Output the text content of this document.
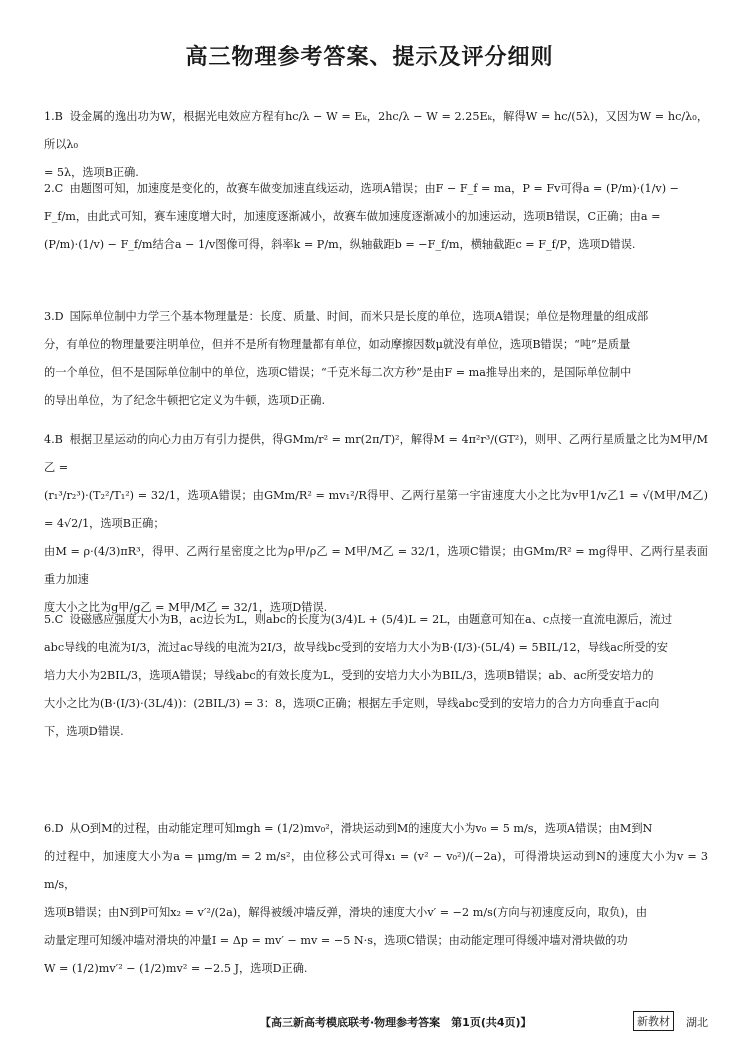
高三物理参考答案、提示及评分细则

1.B 设金属的逸出功为W，根据光电效应方程有hc/λ − W = Eₖ，2hc/λ − W = 2.25Eₖ，解得W = hc/(5λ)，又因为W = hc/λ₀，所以λ₀

= 5λ，选项B正确.

2.C 由题图可知，加速度是变化的，故赛车做变加速直线运动，选项A错误；由F − F_f = ma，P = Fv可得a = (P/m)·(1/v) −

F_f/m，由此式可知，赛车速度增大时，加速度逐渐减小，故赛车做加速度逐渐减小的加速运动，选项B错误，C正确；由a =

(P/m)·(1/v) − F_f/m结合a − 1/v图像可得，斜率k = P/m，纵轴截距b = −F_f/m，横轴截距c = F_f/P，选项D错误.

3.D 国际单位制中力学三个基本物理量是：长度、质量、时间，而米只是长度的单位，选项A错误；单位是物理量的组成部

分，有单位的物理量要注明单位，但并不是所有物理量都有单位，如动摩擦因数μ就没有单位，选项B错误；“吨”是质量

的一个单位，但不是国际单位制中的单位，选项C错误；“千克米每二次方秒”是由F = ma推导出来的，是国际单位制中

的导出单位，为了纪念牛顿把它定义为牛顿，选项D正确.

4.B 根据卫星运动的向心力由万有引力提供，得GMm/r² = mr(2π/T)²，解得M = 4π²r³/(GT²)，则甲、乙两行星质量之比为M甲/M乙 =

(r₁³/r₂³)·(T₂²/T₁²) = 32/1，选项A错误；由GMm/R² = mv₁²/R得甲、乙两行星第一宇宙速度大小之比为v甲1/v乙1 = √(M甲/M乙) = 4√2/1，选项B正确；

由M = ρ·(4/3)πR³，得甲、乙两行星密度之比为ρ甲/ρ乙 = M甲/M乙 = 32/1，选项C错误；由GMm/R² = mg得甲、乙两行星表面重力加速

度大小之比为g甲/g乙 = M甲/M乙 = 32/1，选项D错误.

5.C 设磁感应强度大小为B，ac边长为L，则abc的长度为(3/4)L + (5/4)L = 2L，由题意可知在a、c点接一直流电源后，流过

abc导线的电流为I/3，流过ac导线的电流为2I/3，故导线bc受到的安培力大小为B·(I/3)·(5L/4) = 5BIL/12，导线ac所受的安

培力大小为2BIL/3，选项A错误；导线abc的有效长度为L，受到的安培力大小为BIL/3，选项B错误；ab、ac所受安培力的

大小之比为(B·(I/3)·(3L/4))：(2BIL/3) = 3：8，选项C正确；根据左手定则，导线abc受到的安培力的合力方向垂直于ac向

下，选项D错误.

6.D 从O到M的过程，由动能定理可知mgh = (1/2)mv₀²，滑块运动到M的速度大小为v₀ = 5 m/s，选项A错误；由M到N

的过程中，加速度大小为a = μmg/m = 2 m/s²，由位移公式可得x₁ = (v² − v₀²)/(−2a)，可得滑块运动到N的速度大小为v = 3 m/s，

选项B错误；由N到P可知x₂ = v′²/(2a)，解得被缓冲墙反弹，滑块的速度大小v′ = −2 m/s(方向与初速度反向，取负)，由

动量定理可知缓冲墙对滑块的冲量I = Δp = mv′ − mv = −5 N·s，选项C错误；由动能定理可得缓冲墙对滑块做的功

W = (1/2)mv′² − (1/2)mv² = −2.5 J，选项D正确.

【高三新高考模底联考·物理参考答案　第1页(共4页)】	新教材	湖北
